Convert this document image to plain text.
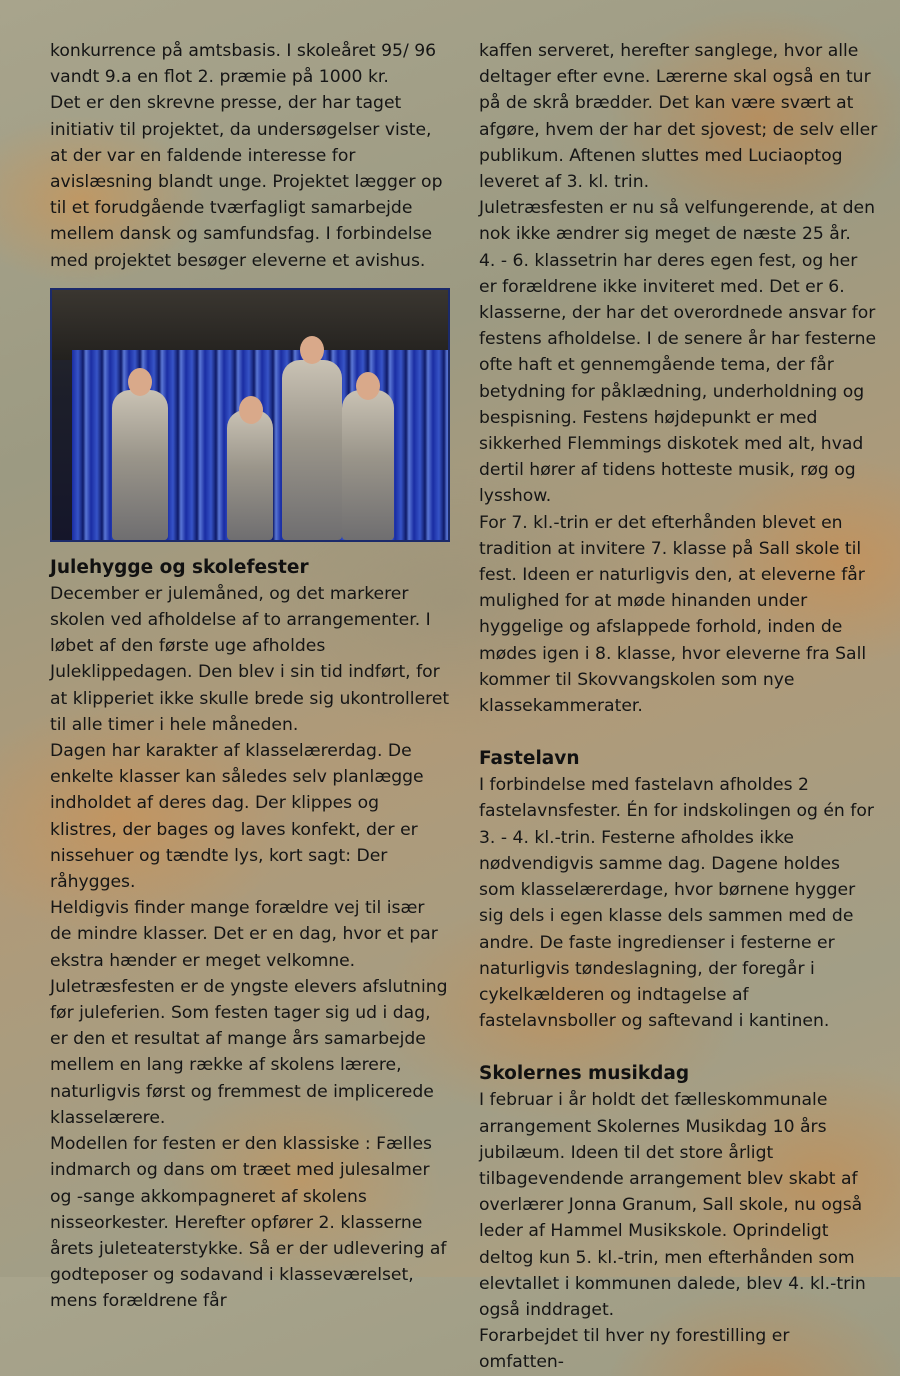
konkurrence på amtsbasis. I skoleåret 95/ 96 vandt 9.a en flot 2. præmie på 1000 kr.

Det er den skrevne presse, der har taget initiativ til projektet, da undersøgelser viste, at der var en faldende interesse for avislæsning blandt unge. Projektet lægger op til et forudgående tværfagligt samarbejde mellem dansk og samfundsfag. I forbindelse med projektet besøger eleverne et avishus.

Julehygge og skolefester

December er julemåned, og det markerer skolen ved afholdelse af to arrangementer. I løbet af den første uge afholdes Juleklippedagen. Den blev i sin tid indført, for at klipperiet ikke skulle brede sig ukontrolleret til alle timer i hele måneden.

Dagen har karakter af klasselærerdag. De enkelte klasser kan således selv planlægge indholdet af deres dag. Der klippes og klistres, der bages og laves konfekt, der er nissehuer og tændte lys, kort sagt: Der råhygges.

Heldigvis finder mange forældre vej til især de mindre klasser. Det er en dag, hvor et par ekstra hænder er meget velkomne.

Juletræsfesten er de yngste elevers afslutning før juleferien. Som festen tager sig ud i dag, er den et resultat af mange års samarbejde mellem en lang række af skolens lærere, naturligvis først og fremmest de implicerede klasselærere.

Modellen for festen er den klassiske : Fælles indmarch og dans om træet med julesalmer og -sange akkompagneret af skolens nisseorkester. Herefter opfører 2. klasserne årets juleteaterstykke. Så er der udlevering af godteposer og sodavand i klasseværelset, mens forældrene får

kaffen serveret, herefter sanglege, hvor alle deltager efter evne. Lærerne skal også en tur på de skrå brædder. Det kan være svært at afgøre, hvem der har det sjovest; de selv eller publikum. Aftenen sluttes med Luciaoptog leveret af 3. kl. trin.

Juletræsfesten er nu så velfungerende, at den nok ikke ændrer sig meget de næste 25 år.

4. - 6. klassetrin har deres egen fest, og her er forældrene ikke inviteret med. Det er 6. klasserne, der har det overordnede ansvar for festens afholdelse. I de senere år har festerne ofte haft et gennemgående tema, der får betydning for påklædning, underholdning og bespisning. Festens højdepunkt er med sikkerhed Flemmings diskotek med alt, hvad dertil hører af tidens hotteste musik, røg og lysshow.

For 7. kl.-trin er det efterhånden blevet en tradition at invitere 7. klasse på Sall skole til fest. Ideen er naturligvis den, at eleverne får mulighed for at møde hinanden under hyggelige og afslappede forhold, inden de mødes igen i 8. klasse, hvor eleverne fra Sall kommer til Skovvangskolen som nye klassekammerater.

Fastelavn

I forbindelse med fastelavn afholdes 2 fastelavnsfester. Én for indskolingen og én for 3. - 4. kl.-trin. Festerne afholdes ikke nødvendigvis samme dag. Dagene holdes som klasselærerdage, hvor børnene hygger sig dels i egen klasse dels sammen med de andre. De faste ingredienser i festerne er naturligvis tøndeslagning, der foregår i cykelkælderen og indtagelse af fastelavnsboller og saftevand i kantinen.

Skolernes musikdag

I februar i år holdt det fælleskommunale arrangement Skolernes Musikdag 10 års jubilæum. Ideen til det store årligt tilbagevendende arrangement blev skabt af overlærer Jonna Granum, Sall skole, nu også leder af Hammel Musikskole. Oprindeligt deltog kun 5. kl.-trin, men efterhånden som elevtallet i kommunen dalede, blev 4. kl.-trin også inddraget.

Forarbejdet til hver ny forestilling er omfatten-
